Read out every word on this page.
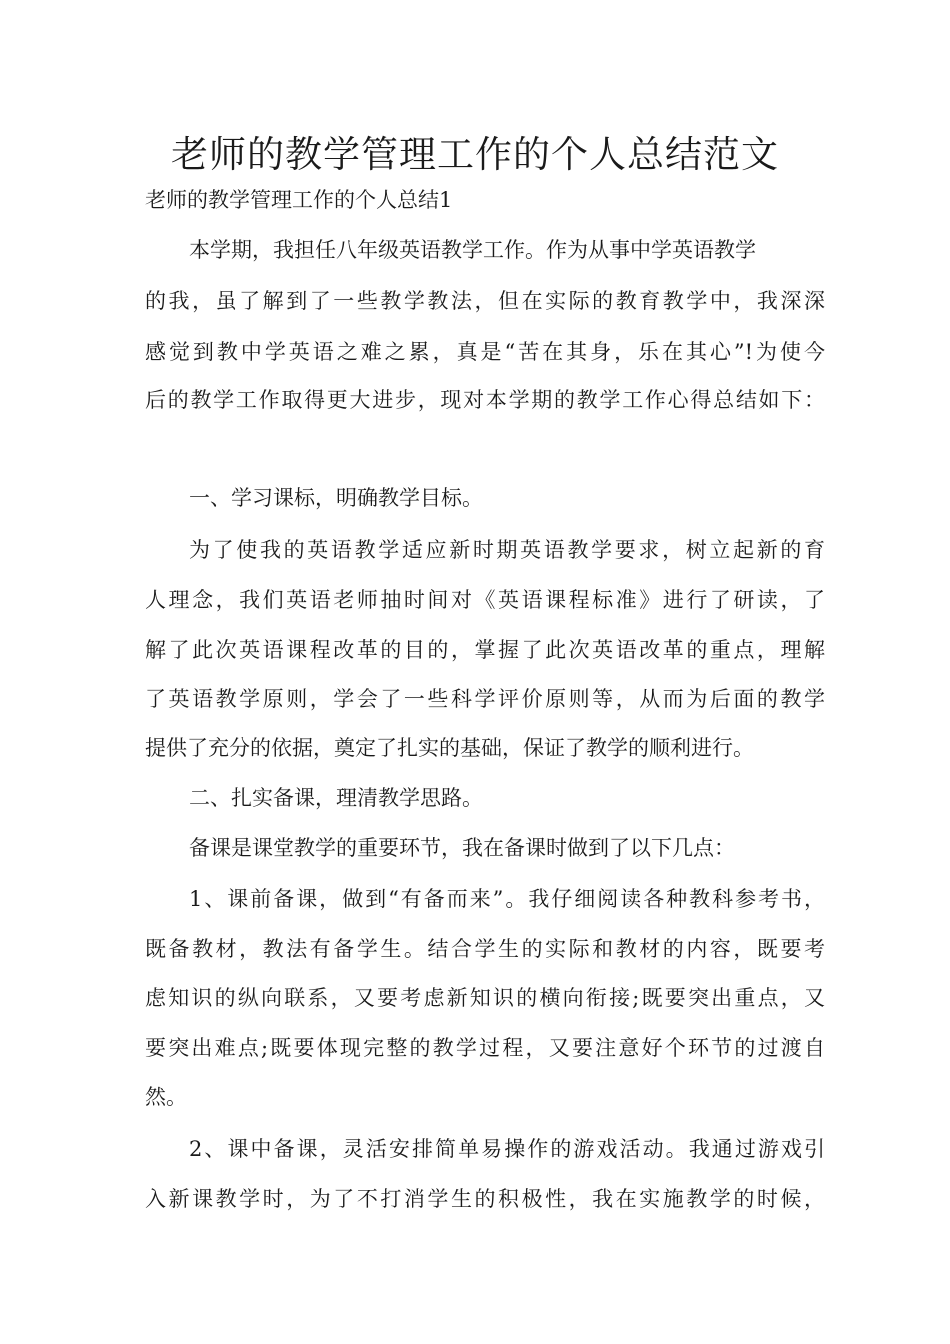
老师的教学管理工作的个人总结范文

老师的教学管理工作的个人总结1

本学期，我担任八年级英语教学工作。作为从事中学英语教学

的我，虽了解到了一些教学教法，但在实际的教育教学中，我深深

感觉到教中学英语之难之累，真是“苦在其身，乐在其心”!为使今

后的教学工作取得更大进步，现对本学期的教学工作心得总结如下：

一、学习课标，明确教学目标。

为了使我的英语教学适应新时期英语教学要求，树立起新的育

人理念，我们英语老师抽时间对《英语课程标准》进行了研读，了

解了此次英语课程改革的目的，掌握了此次英语改革的重点，理解

了英语教学原则，学会了一些科学评价原则等，从而为后面的教学

提供了充分的依据，奠定了扎实的基础，保证了教学的顺利进行。

二、扎实备课，理清教学思路。

备课是课堂教学的重要环节，我在备课时做到了以下几点：

1、课前备课，做到“有备而来”。我仔细阅读各种教科参考书，

既备教材，教法有备学生。结合学生的实际和教材的内容，既要考

虑知识的纵向联系，又要考虑新知识的横向衔接;既要突出重点，又

要突出难点;既要体现完整的教学过程，又要注意好个环节的过渡自

然。

2、课中备课，灵活安排简单易操作的游戏活动。我通过游戏引

入新课教学时，为了不打消学生的积极性，我在实施教学的时候，
